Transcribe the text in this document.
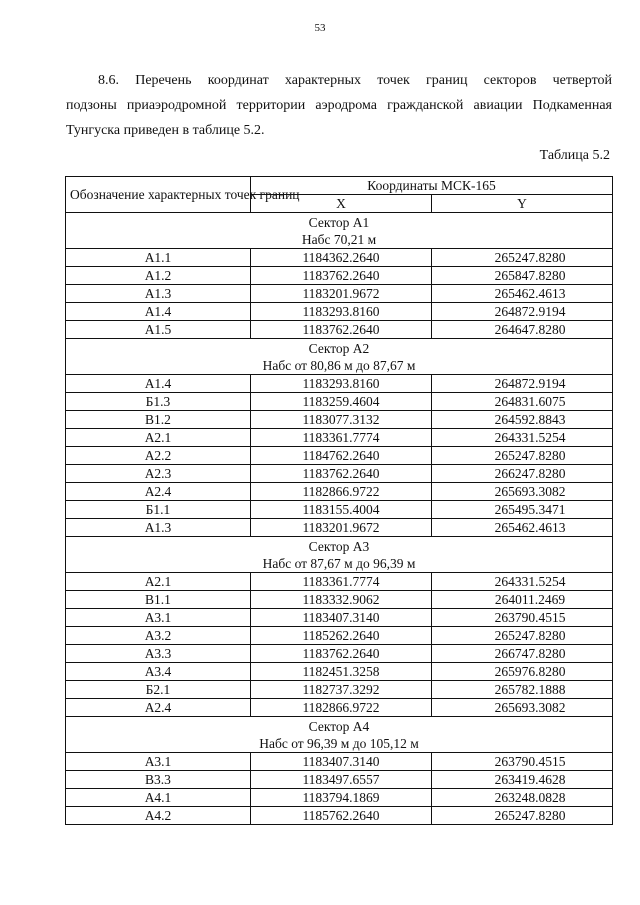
53

8.6. Перечень координат характерных точек границ секторов четвертой
подзоны приаэродромной территории аэродрома гражданской авиации Подкаменная
Тунгуска приведен в таблице 5.2.

Таблица 5.2
Обозначение характерных точек границ	Координаты МСК-165	
	X	Y

Сектор А1
Набс 70,21 м		

А1.1	1184362.2640	265247.8280
А1.2	1183762.2640	265847.8280
А1.3	1183201.9672	265462.4613
А1.4	1183293.8160	264872.9194
А1.5	1183762.2640	264647.8280

Сектор А2
Набс от 80,86 м до 87,67 м		

А1.4	1183293.8160	264872.9194
Б1.3	1183259.4604	264831.6075
В1.2	1183077.3132	264592.8843
А2.1	1183361.7774	264331.5254
А2.2	1184762.2640	265247.8280
А2.3	1183762.2640	266247.8280
А2.4	1182866.9722	265693.3082
Б1.1	1183155.4004	265495.3471
А1.3	1183201.9672	265462.4613

Сектор А3
Набс от 87,67 м до 96,39 м		

А2.1	1183361.7774	264331.5254
В1.1	1183332.9062	264011.2469
А3.1	1183407.3140	263790.4515
А3.2	1185262.2640	265247.8280
А3.3	1183762.2640	266747.8280
А3.4	1182451.3258	265976.8280
Б2.1	1182737.3292	265782.1888
А2.4	1182866.9722	265693.3082

Сектор А4
Набс от 96,39 м до 105,12 м		

А3.1	1183407.3140	263790.4515
В3.3	1183497.6557	263419.4628
А4.1	1183794.1869	263248.0828
А4.2	1185762.2640	265247.8280
